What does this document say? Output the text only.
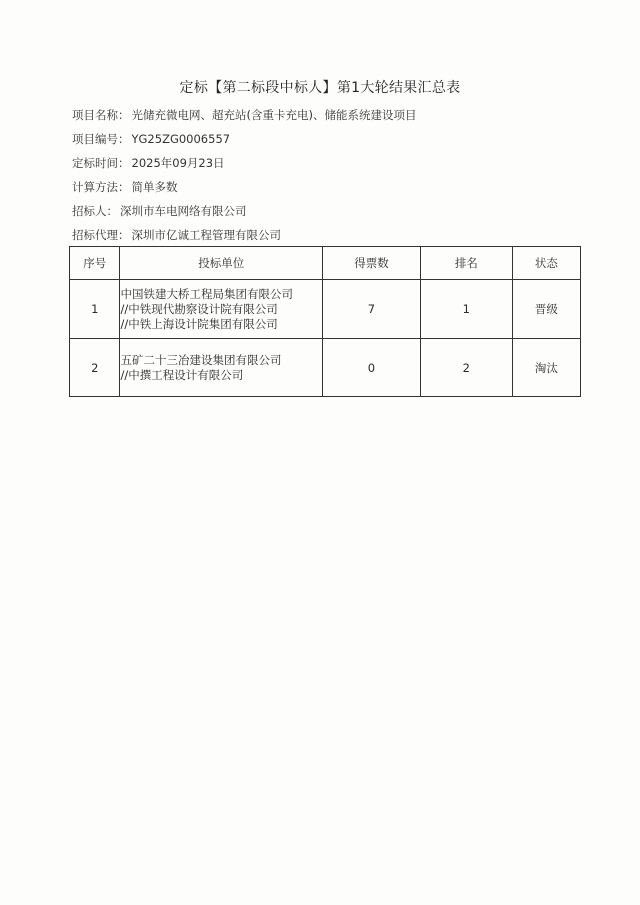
定标【第二标段中标人】第1大轮结果汇总表
项目名称： 光储充微电网、超充站(含重卡充电)、储能系统建设项目
项目编号： YG25ZG0006557
定标时间： 2025年09月23日
计算方法： 简单多数
招标人： 深圳市车电网络有限公司
招标代理： 深圳市亿诚工程管理有限公司
序号	投标单位	得票数	排名	状态
1	中国铁建大桥工程局集团有限公司
//中铁现代勘察设计院有限公司
//中铁上海设计院集团有限公司	7	1	晋级
2	五矿二十三冶建设集团有限公司
//中撰工程设计有限公司	0	2	淘汰
